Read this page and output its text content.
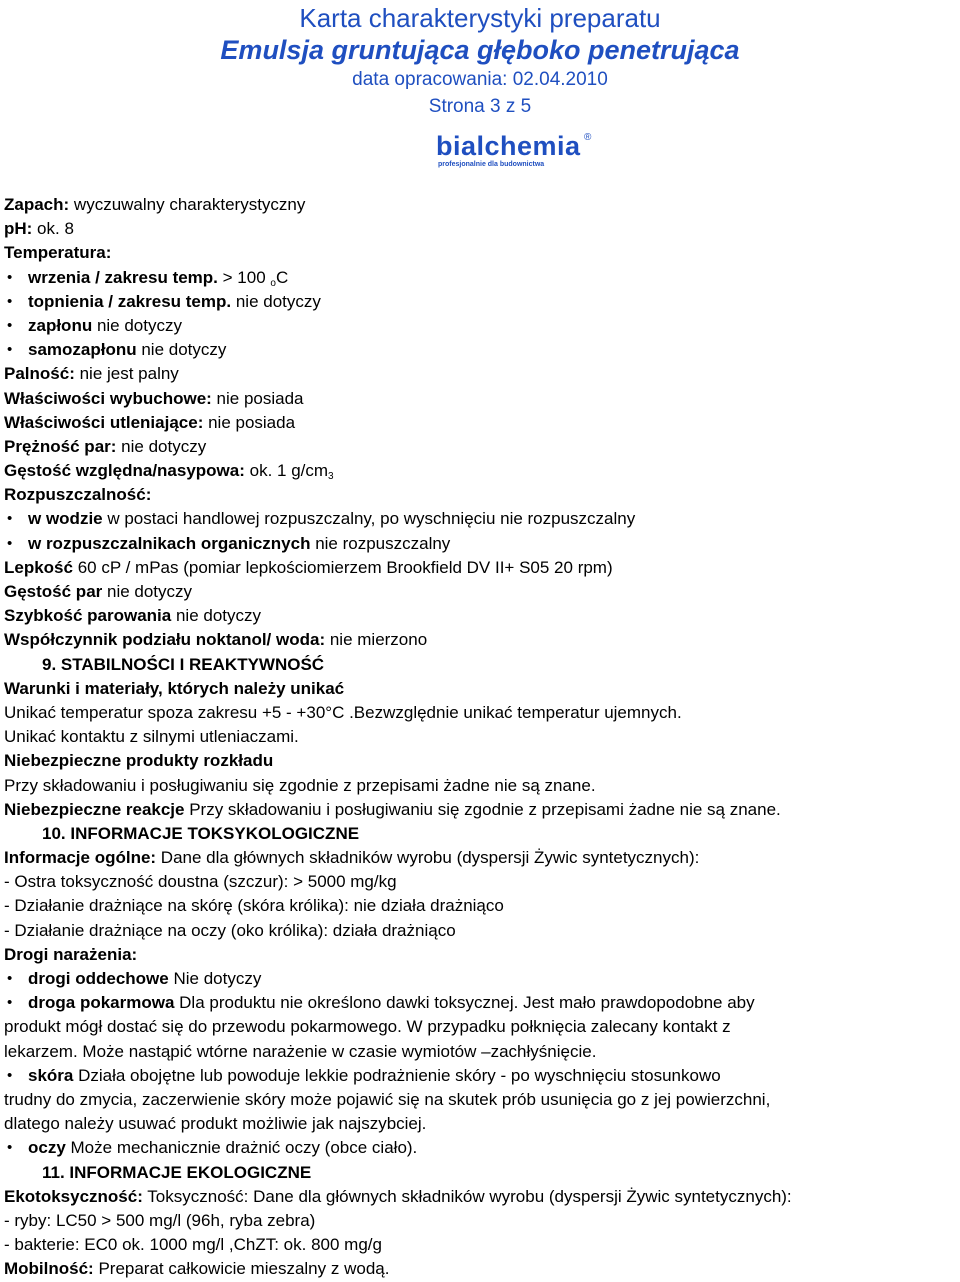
Karta charakterystyki preparatu
Emulsja gruntująca głęboko penetrująca
data opracowania: 02.04.2010
Strona 3 z 5
bialchemia ®
profesjonalnie dla budownictwa
Zapach: wyczuwalny charakterystyczny
pH: ok. 8
Temperatura:
• wrzenia / zakresu temp. > 100 oC
• topnienia / zakresu temp. nie dotyczy
• zapłonu nie dotyczy
• samozapłonu nie dotyczy
Palność: nie jest palny
Właściwości wybuchowe: nie posiada
Właściwości utleniające: nie posiada
Prężność par: nie dotyczy
Gęstość względna/nasypowa: ok. 1 g/cm3
Rozpuszczalność:
• w wodzie w postaci handlowej rozpuszczalny, po wyschnięciu nie rozpuszczalny
• w rozpuszczalnikach organicznych nie rozpuszczalny
Lepkość 60 cP / mPas (pomiar lepkościomierzem Brookfield DV II+ S05 20 rpm)
Gęstość par nie dotyczy
Szybkość parowania nie dotyczy
Współczynnik podziału noktanol/ woda: nie mierzono
9. STABILNOŚCI I REAKTYWNOŚĆ
Warunki i materiały, których należy unikać
Unikać temperatur spoza zakresu +5 - +30°C .Bezwzględnie unikać temperatur ujemnych.
Unikać kontaktu z silnymi utleniaczami.
Niebezpieczne produkty rozkładu
Przy składowaniu i posługiwaniu się zgodnie z przepisami żadne nie są znane.
Niebezpieczne reakcje Przy składowaniu i posługiwaniu się zgodnie z przepisami żadne nie są znane.
10. INFORMACJE TOKSYKOLOGICZNE
Informacje ogólne: Dane dla głównych składników wyrobu (dyspersji Żywic syntetycznych):
- Ostra toksyczność doustna (szczur): > 5000 mg/kg
- Działanie drażniące na skórę (skóra królika): nie działa drażniąco
- Działanie drażniące na oczy (oko królika): działa drażniąco
Drogi narażenia:
• drogi oddechowe Nie dotyczy
• droga pokarmowa Dla produktu nie określono dawki toksycznej. Jest mało prawdopodobne aby
produkt mógł dostać się do przewodu pokarmowego. W przypadku połknięcia zalecany kontakt z
lekarzem. Może nastąpić wtórne narażenie w czasie wymiotów –zachłyśnięcie.
• skóra Działa obojętne lub powoduje lekkie podrażnienie skóry - po wyschnięciu stosunkowo
trudny do zmycia, zaczerwienie skóry może pojawić się na skutek prób usunięcia go z jej powierzchni,
dlatego należy usuwać produkt możliwie jak najszybciej.
• oczy Może mechanicznie drażnić oczy (obce ciało).
11. INFORMACJE EKOLOGICZNE
Ekotoksyczność: Toksyczność: Dane dla głównych składników wyrobu (dyspersji Żywic syntetycznych):
- ryby: LC50 > 500 mg/l (96h, ryba zebra)
- bakterie: EC0 ok. 1000 mg/l ,ChZT: ok. 800 mg/g
Mobilność: Preparat całkowicie mieszalny z wodą.
